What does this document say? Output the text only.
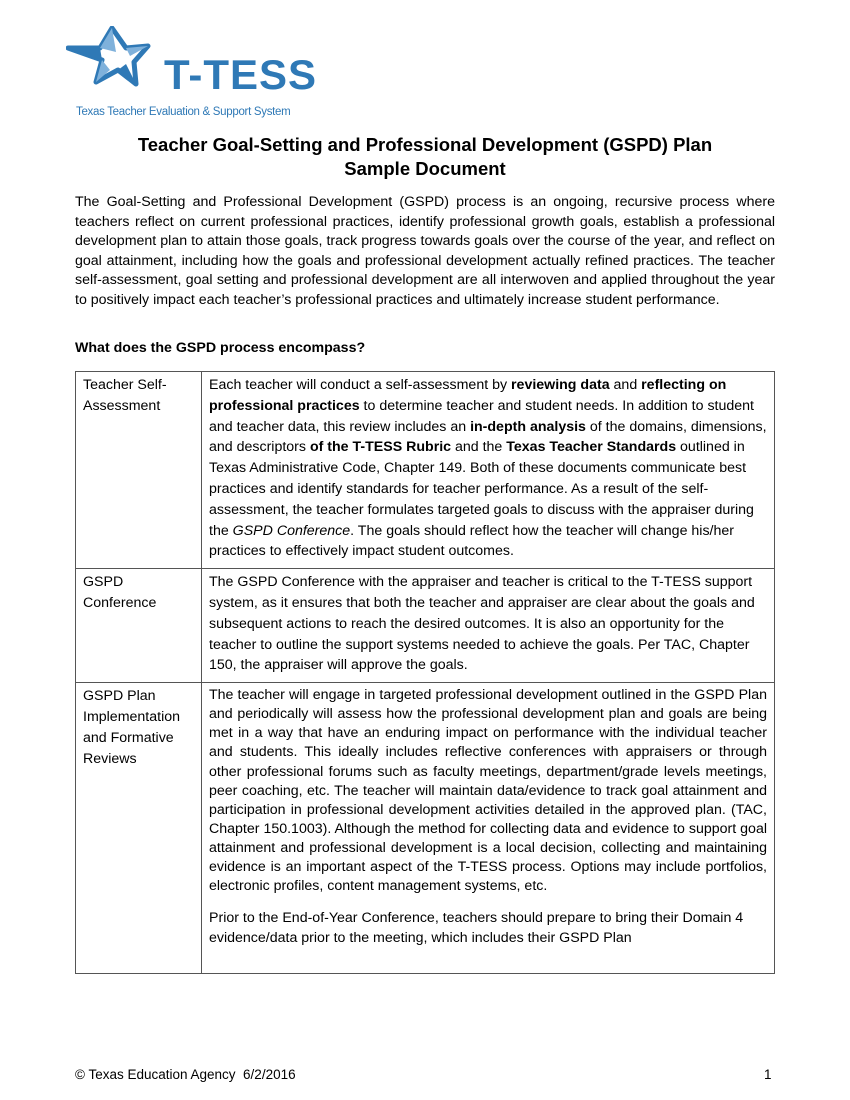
T-TESS
Texas Teacher Evaluation & Support System
Teacher Goal-Setting and Professional Development (GSPD) Plan
Sample Document
The Goal-Setting and Professional Development (GSPD) process is an ongoing, recursive process where teachers reflect on current professional practices, identify professional growth goals, establish a professional development plan to attain those goals, track progress towards goals over the course of the year, and reflect on goal attainment, including how the goals and professional development actually refined practices. The teacher self-assessment, goal setting and professional development are all interwoven and applied throughout the year to positively impact each teacher’s professional practices and ultimately increase student performance.
What does the GSPD process encompass?
Teacher Self-Assessment	Each teacher will conduct a self-assessment by reviewing data and reflecting on professional practices to determine teacher and student needs. In addition to student and teacher data, this review includes an in-depth analysis of the domains, dimensions, and descriptors of the T-TESS Rubric and the Texas Teacher Standards outlined in Texas Administrative Code, Chapter 149. Both of these documents communicate best practices and identify standards for teacher performance. As a result of the self-assessment, the teacher formulates targeted goals to discuss with the appraiser during the GSPD Conference. The goals should reflect how the teacher will change his/her practices to effectively impact student outcomes.
GSPD Conference	The GSPD Conference with the appraiser and teacher is critical to the T-TESS support system, as it ensures that both the teacher and appraiser are clear about the goals and subsequent actions to reach the desired outcomes. It is also an opportunity for the teacher to outline the support systems needed to achieve the goals. Per TAC, Chapter 150, the appraiser will approve the goals.
GSPD Plan Implementation and Formative Reviews	The teacher will engage in targeted professional development outlined in the GSPD Plan and periodically will assess how the professional development plan and goals are being met in a way that have an enduring impact on performance with the individual teacher and students. This ideally includes reflective conferences with appraisers or through other professional forums such as faculty meetings, department/grade levels meetings, peer coaching, etc. The teacher will maintain data/evidence to track goal attainment and participation in professional development activities detailed in the approved plan. (TAC, Chapter 150.1003). Although the method for collecting data and evidence to support goal attainment and professional development is a local decision, collecting and maintaining evidence is an important aspect of the T-TESS process. Options may include portfolios, electronic profiles, content management systems, etc.
Prior to the End-of-Year Conference, teachers should prepare to bring their Domain 4 evidence/data prior to the meeting, which includes their GSPD Plan
© Texas Education Agency  6/2/2016	1
